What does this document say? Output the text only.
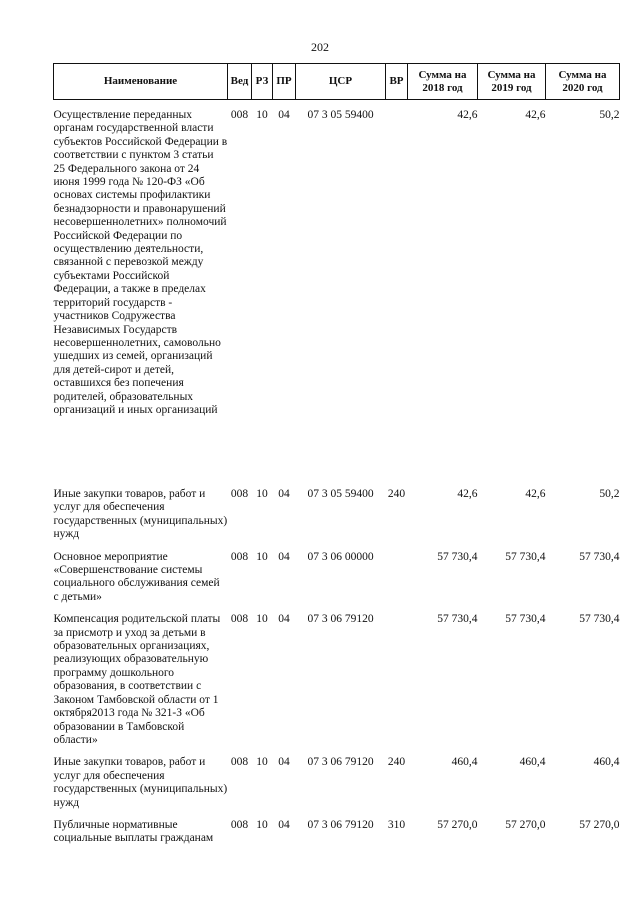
202
Наименование	Вед	РЗ	ПР	ЦСР	ВР	Сумма на 2018 год	Сумма на 2019 год	Сумма на 2020 год

Осуществление переданных органам государственной власти субъектов Российской Федерации в соответствии с пунктом 3 статьи 25 Федерального закона от 24 июня 1999 года № 120-ФЗ «Об основах системы профилактики безнадзорности и правонарушений несовершеннолетних» полномочий Российской Федерации по осуществлению деятельности, связанной с перевозкой между субъектами Российской Федерации, а также в пределах территорий государств - участников Содружества Независимых Государств несовершеннолетних, самовольно ушедших из семей, организаций для детей-сирот и детей, оставшихся без попечения родителей, образовательных организаций и иных организаций	008	10	04	07 3 05 59400		42,6	42,6	50,2

Иные закупки товаров, работ и услуг для обеспечения государственных (муниципальных) нужд	008	10	04	07 3 05 59400	240	42,6	42,6	50,2

Основное мероприятие «Совершенствование системы социального обслуживания семей с детьми»	008	10	04	07 3 06 00000		57 730,4	57 730,4	57 730,4

Компенсация родительской платы за присмотр и уход за детьми в образовательных организациях, реализующих образовательную программу дошкольного образования, в соответствии с Законом Тамбовской области от 1 октября2013 года № 321-З «Об образовании в Тамбовской области»	008	10	04	07 3 06 79120		57 730,4	57 730,4	57 730,4

Иные закупки товаров, работ и услуг для обеспечения государственных (муниципальных) нужд	008	10	04	07 3 06 79120	240	460,4	460,4	460,4

Публичные нормативные социальные выплаты гражданам	008	10	04	07 3 06 79120	310	57 270,0	57 270,0	57 270,0
